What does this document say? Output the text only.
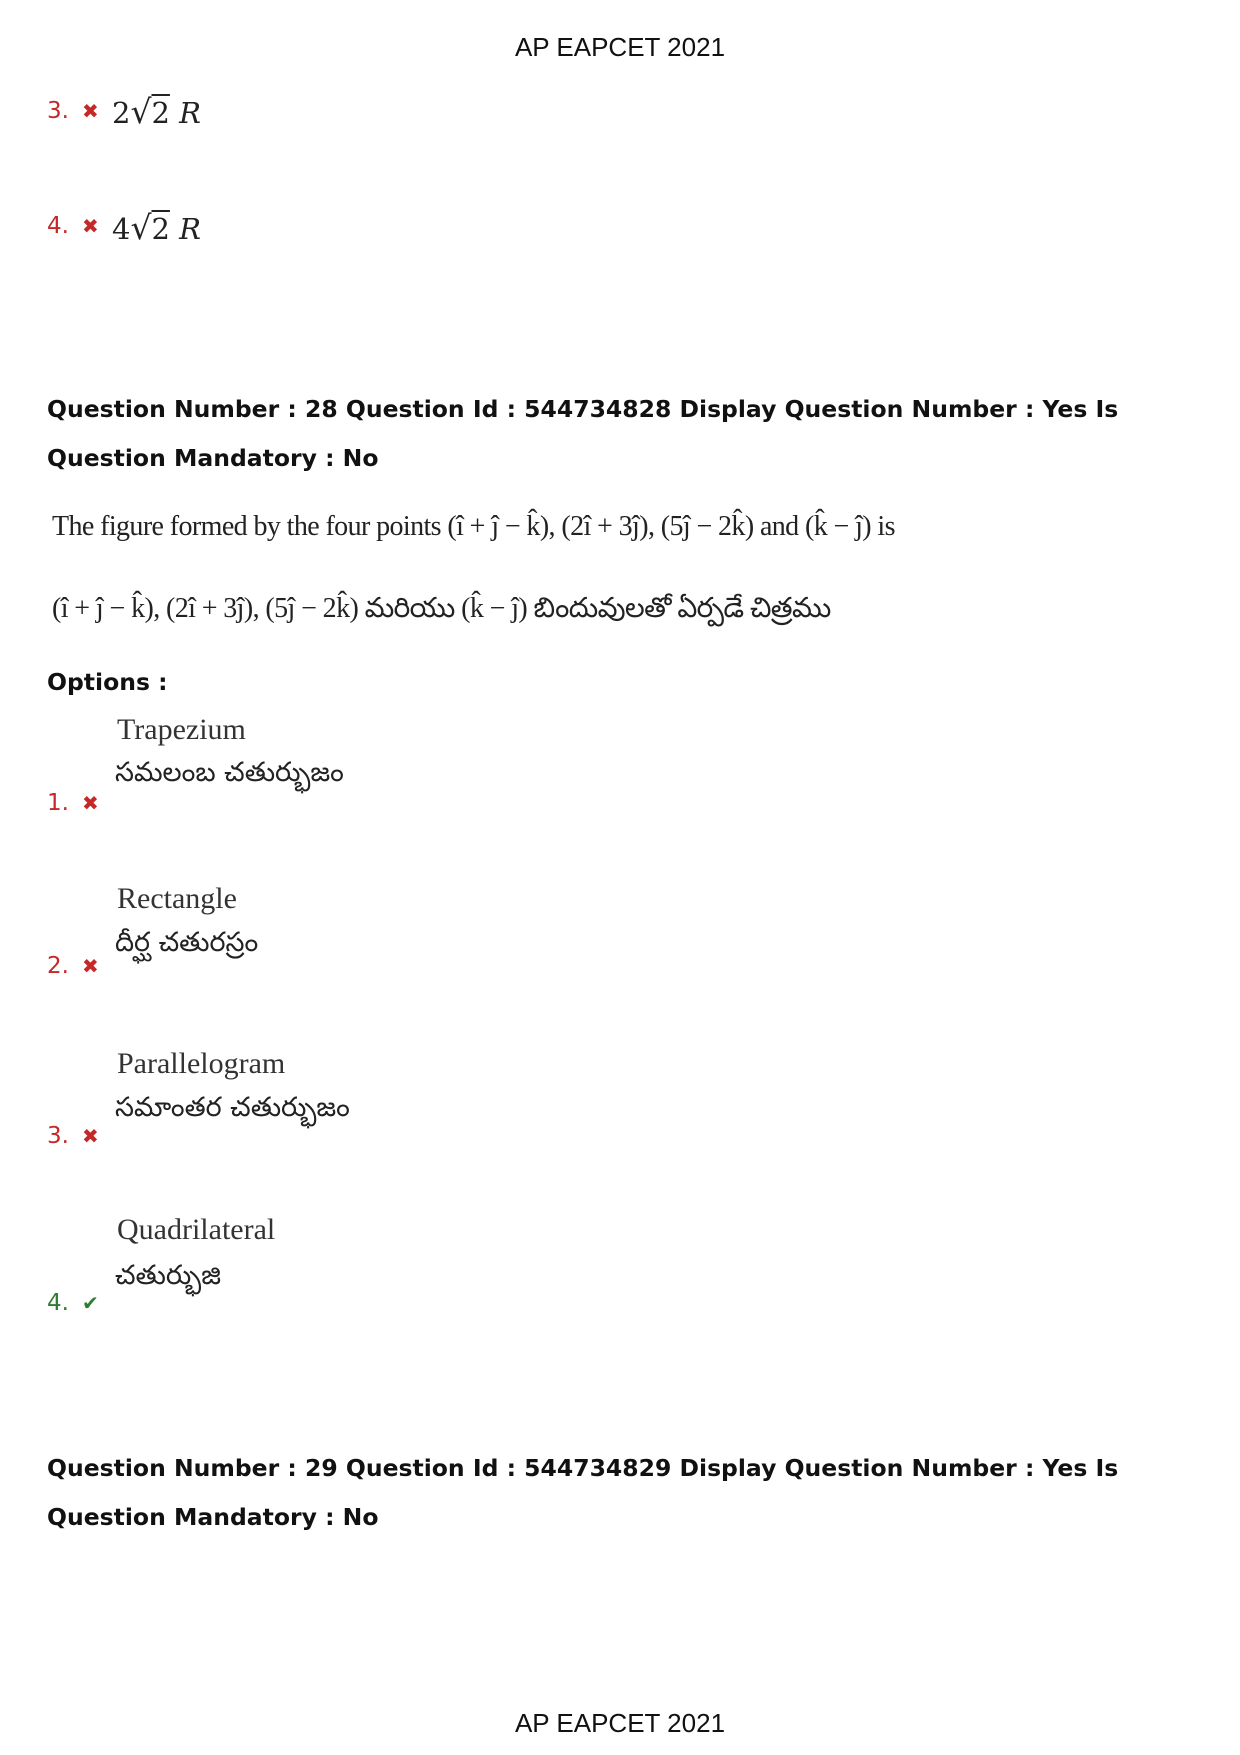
AP EAPCET 2021
3. ✖ 2√2 R
4. ✖ 4√2 R
Question Number : 28 Question Id : 544734828 Display Question Number : Yes Is Question Mandatory : No
The figure formed by the four points (î + ĵ − k̂), (2î + 3ĵ), (5ĵ − 2k̂) and (k̂ − ĵ) is
(î + ĵ − k̂), (2î + 3ĵ), (5ĵ − 2k̂) మరియు (k̂ − ĵ) బిందువులతో ఏర్పడే చిత్రము
Options :
Trapezium
సమలంబ చతుర్భుజం
1. ✖
Rectangle
దీర్ఘ చతురస్రం
2. ✖
Parallelogram
సమాంతర చతుర్భుజం
3. ✖
Quadrilateral
చతుర్భుజి
4. ✔
Question Number : 29 Question Id : 544734829 Display Question Number : Yes Is Question Mandatory : No
AP EAPCET 2021
